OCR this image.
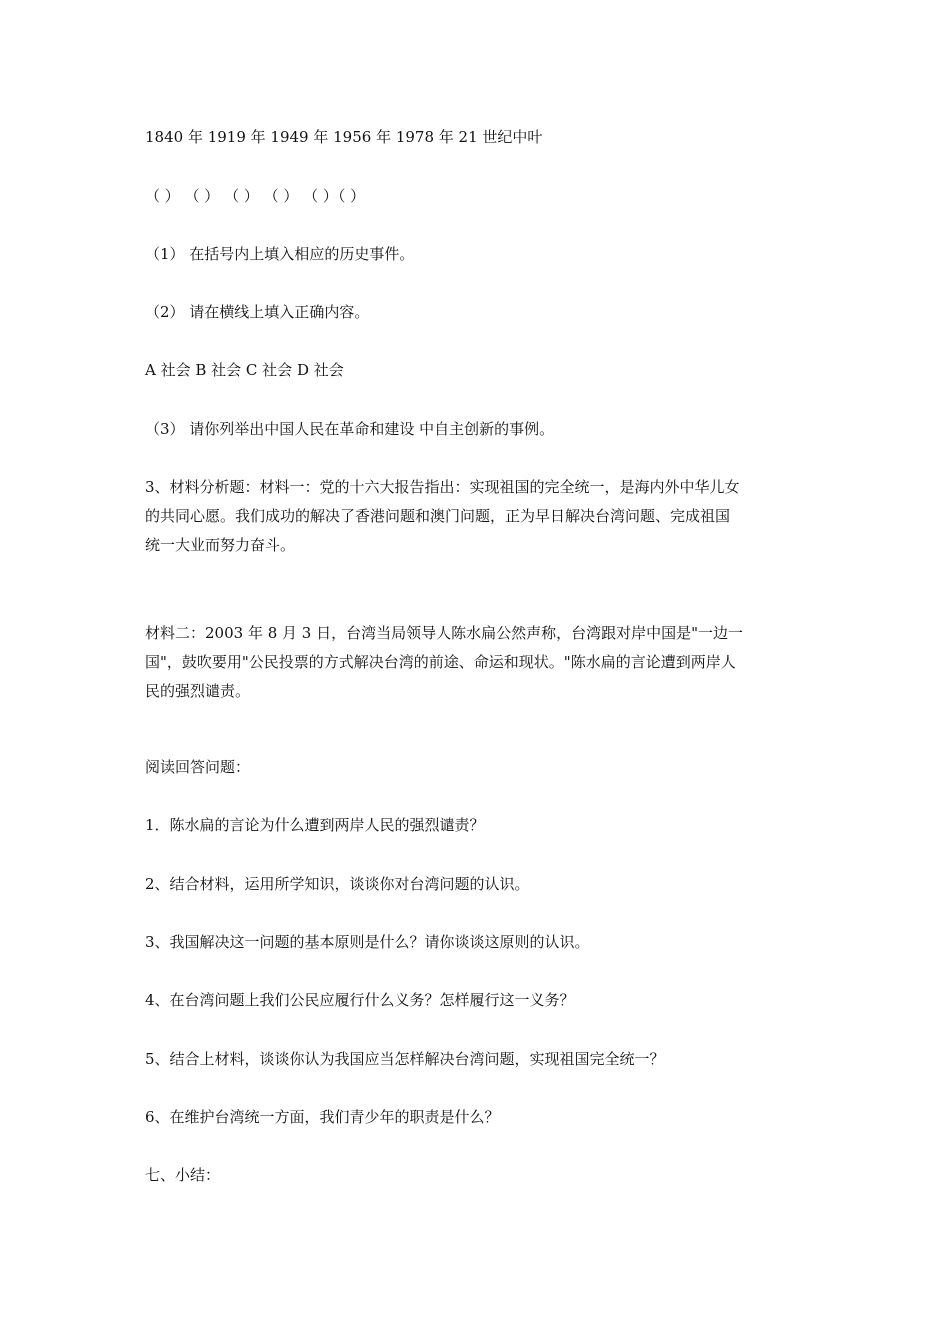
1840 年 1919 年 1949 年 1956 年 1978 年 21 世纪中叶
（ ） （ ） （ ） （ ） （ ）（ ）
（1） 在括号内上填入相应的历史事件。
（2） 请在横线上填入正确内容。
A 社会 B 社会 C 社会 D 社会
（3） 请你列举出中国人民在革命和建设 中自主创新的事例。
3、材料分析题：材料一：党的十六大报告指出：实现祖国的完全统一，是海内外中华儿女
的共同心愿。我们成功的解决了香港问题和澳门问题，正为早日解决台湾问题、完成祖国
统一大业而努力奋斗。
材料二：2003 年 8 月 3 日，台湾当局领导人陈水扁公然声称，台湾跟对岸中国是"一边一
国"，鼓吹要用"公民投票的方式解决台湾的前途、命运和现状。"陈水扁的言论遭到两岸人
民的强烈谴责。
阅读回答问题：
1．陈水扁的言论为什么遭到两岸人民的强烈谴责？
2、结合材料，运用所学知识，谈谈你对台湾问题的认识。
3、我国解决这一问题的基本原则是什么？请你谈谈这原则的认识。
4、在台湾问题上我们公民应履行什么义务？怎样履行这一义务？
5、结合上材料，谈谈你认为我国应当怎样解决台湾问题，实现祖国完全统一？
6、在维护台湾统一方面，我们青少年的职责是什么？
七、小结：
